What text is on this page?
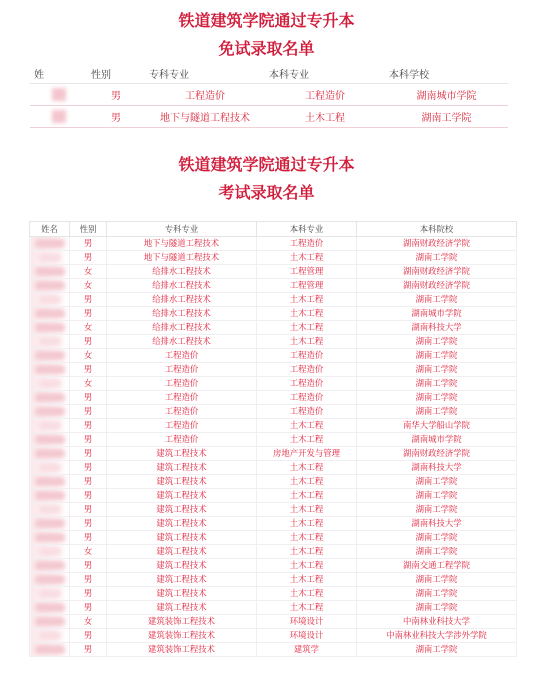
铁道建筑学院通过专升本
免试录取名单
姓	性别	专科专业	本科专业	本科学校
	男	工程造价	工程造价	湖南城市学院
	男	地下与隧道工程技术	土木工程	湖南工学院
铁道建筑学院通过专升本
考试录取名单
姓名	性别	专科专业	本科专业	本科院校
	男	地下与隧道工程技术	工程造价	湖南财政经济学院
	男	地下与隧道工程技术	土木工程	湖南工学院
	女	给排水工程技术	工程管理	湖南财政经济学院
	女	给排水工程技术	工程管理	湖南财政经济学院
	男	给排水工程技术	土木工程	湖南工学院
	男	给排水工程技术	土木工程	湖南城市学院
	女	给排水工程技术	土木工程	湖南科技大学
	男	给排水工程技术	土木工程	湖南工学院
	女	工程造价	工程造价	湖南工学院
	男	工程造价	工程造价	湖南工学院
	女	工程造价	工程造价	湖南工学院
	男	工程造价	工程造价	湖南工学院
	男	工程造价	工程造价	湖南工学院
	男	工程造价	土木工程	南华大学船山学院
	男	工程造价	土木工程	湖南城市学院
	男	建筑工程技术	房地产开发与管理	湖南财政经济学院
	男	建筑工程技术	土木工程	湖南科技大学
	男	建筑工程技术	土木工程	湖南工学院
	男	建筑工程技术	土木工程	湖南工学院
	男	建筑工程技术	土木工程	湖南工学院
	男	建筑工程技术	土木工程	湖南科技大学
	男	建筑工程技术	土木工程	湖南工学院
	女	建筑工程技术	土木工程	湖南工学院
	男	建筑工程技术	土木工程	湖南交通工程学院
	男	建筑工程技术	土木工程	湖南工学院
	男	建筑工程技术	土木工程	湖南工学院
	男	建筑工程技术	土木工程	湖南工学院
	女	建筑装饰工程技术	环境设计	中南林业科技大学
	男	建筑装饰工程技术	环境设计	中南林业科技大学涉外学院
	男	建筑装饰工程技术	建筑学	湖南工学院
